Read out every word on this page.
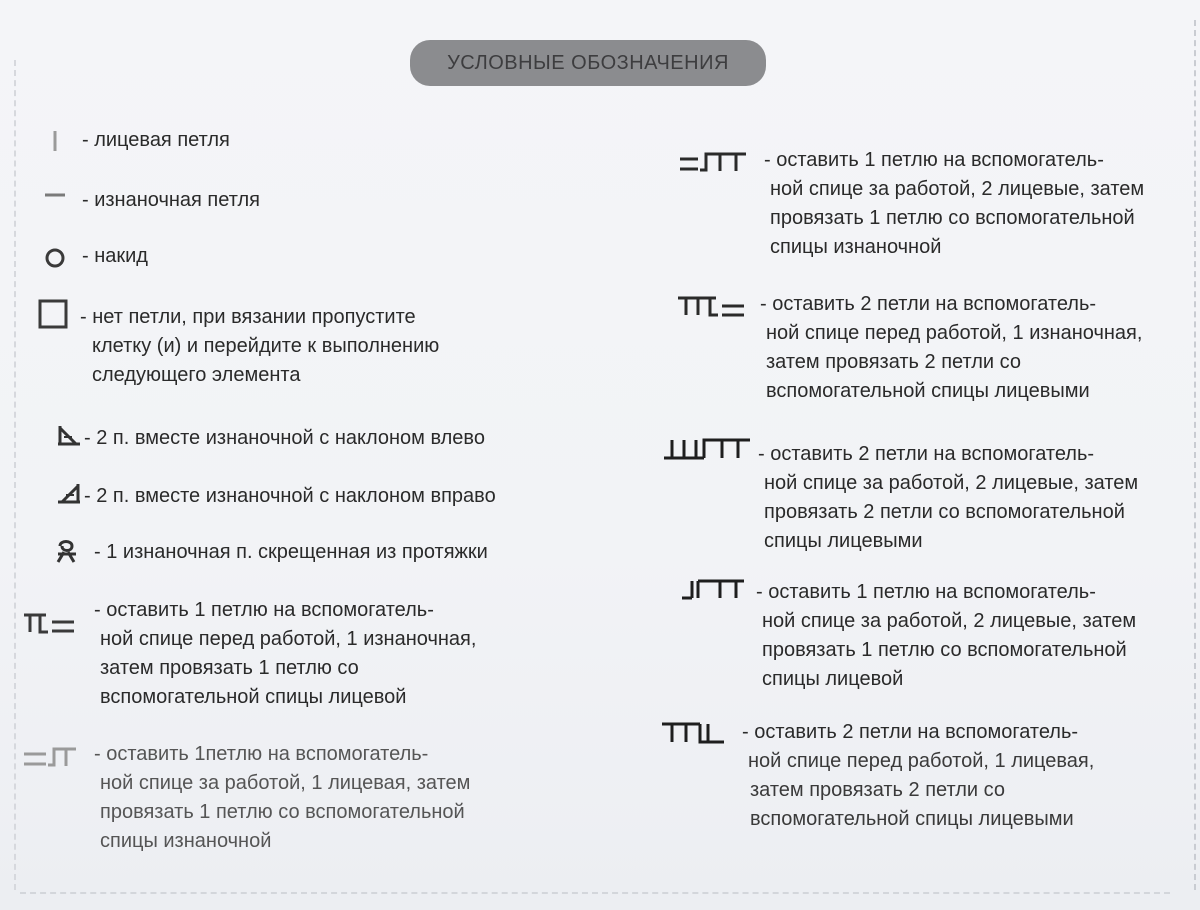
УСЛОВНЫЕ ОБОЗНАЧЕНИЯ
- лицевая петля
- изнаночная петля
- накид
- нет петли, при вязании пропустите
клетку (и) и перейдите к выполнению
следующего элемента
- 2 п. вместе изнаночной с наклоном влево
- 2 п. вместе изнаночной с наклоном вправо
- 1 изнаночная п. скрещенная из протяжки
- оставить 1 петлю на вспомогатель-
ной спице перед работой, 1 изнаночная,
затем провязать 1 петлю со
вспомогательной спицы лицевой
- оставить 1петлю на вспомогатель-
ной спице за работой, 1 лицевая, затем
провязать 1 петлю со вспомогательной
спицы изнаночной
- оставить 1 петлю на вспомогатель-
ной спице за работой, 2 лицевые, затем
провязать 1 петлю со вспомогательной
спицы изнаночной
- оставить 2 петли на вспомогатель-
ной спице перед работой, 1 изнаночная,
затем провязать 2 петли со
вспомогательной спицы лицевыми
- оставить 2 петли на вспомогатель-
ной спице за работой, 2 лицевые, затем
провязать 2 петли со вспомогательной
спицы лицевыми
- оставить 1 петлю на вспомогатель-
ной спице за работой, 2 лицевые, затем
провязать 1 петлю со вспомогательной
спицы лицевой
- оставить 2 петли на вспомогатель-
ной спице перед работой, 1 лицевая,
затем провязать 2 петли со
вспомогательной спицы лицевыми
